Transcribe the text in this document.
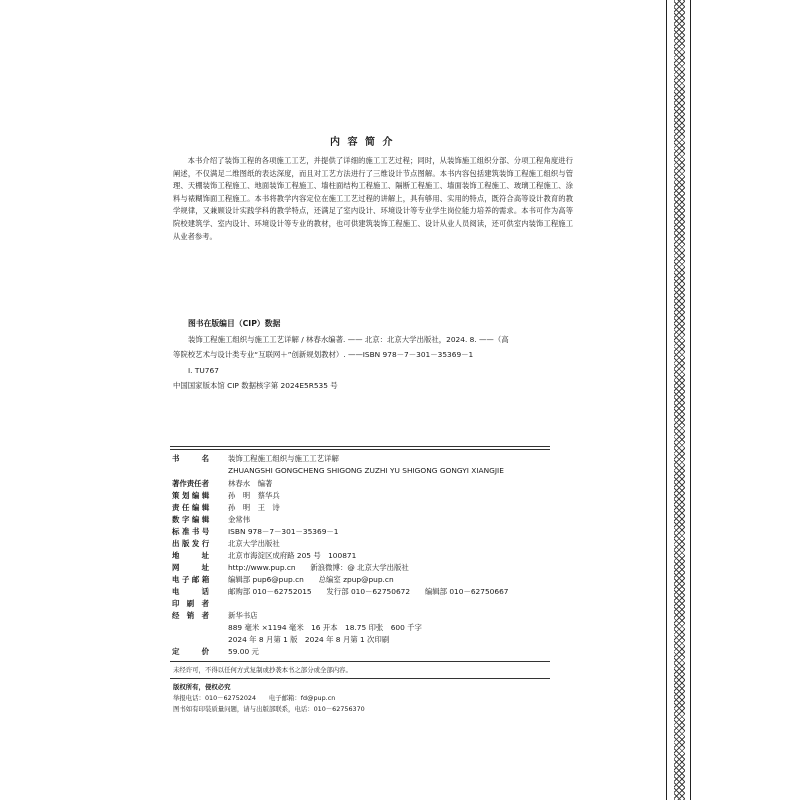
内 容 简 介
本书介绍了装饰工程的各项施工工艺，并提供了详细的施工工艺过程；同时，从装饰施工组织分部、分项工程角度进行阐述，不仅满足二维图纸的表达深度，而且对工艺方法进行了三维设计节点图解。本书内容包括建筑装饰工程施工组织与管理、天棚装饰工程施工、地面装饰工程施工、墙柱面结构工程施工、隔断工程施工、墙面装饰工程施工、玻璃工程施工、涂料与裱糊饰面工程施工。本书将教学内容定位在施工工艺过程的讲解上，具有够用、实用的特点，既符合高等设计教育的教学规律，又兼顾设计实践学科的教学特点，还满足了室内设计、环境设计等专业学生岗位能力培养的需求。本书可作为高等院校建筑学、室内设计、环境设计等专业的教材，也可供建筑装饰工程施工、设计从业人员阅读，还可供室内装饰工程施工从业者参考。
图书在版编目（CIP）数据
装饰工程施工组织与施工工艺详解 / 林春水编著. —— 北京：北京大学出版社，2024. 8. ——（高
等院校艺术与设计类专业“互联网＋”创新规划教材）. ——ISBN 978－7－301－35369－1
Ⅰ. TU767
中国国家版本馆 CIP 数据核字第 2024E5R535 号
书　　　名	装饰工程施工组织与施工工艺详解
ZHUANGSHI GONGCHENG SHIGONG ZUZHI YU SHIGONG GONGYI XIANGJIE
著作责任者	林春水　编著
策 划 编 辑	孙　明　蔡华兵
责 任 编 辑	孙　明　王　诗
数 字 编 辑	金常伟
标 准 书 号	ISBN 978－7－301－35369－1
出 版 发 行	北京大学出版社
地　　　址	北京市海淀区成府路 205 号　100871
网　　　址	http://www.pup.cn　　新浪微博：@ 北京大学出版社
电 子 邮 箱	编辑部 pup6@pup.cn　　总编室 zpup@pup.cn
电　　　话	邮购部 010－62752015　　发行部 010－62750672　　编辑部 010－62750667
印　刷　者
经　销　者	新华书店
889 毫米 ×1194 毫米　16 开本　18.75 印张　600 千字
2024 年 8 月第 1 版　2024 年 8 月第 1 次印刷
定　　　价	59.00 元
未经许可，不得以任何方式复制或抄袭本书之部分或全部内容。
版权所有，侵权必究
举报电话：010－62752024　　电子邮箱：fd@pup.cn
图书如有印装质量问题，请与出版部联系，电话：010－62756370
